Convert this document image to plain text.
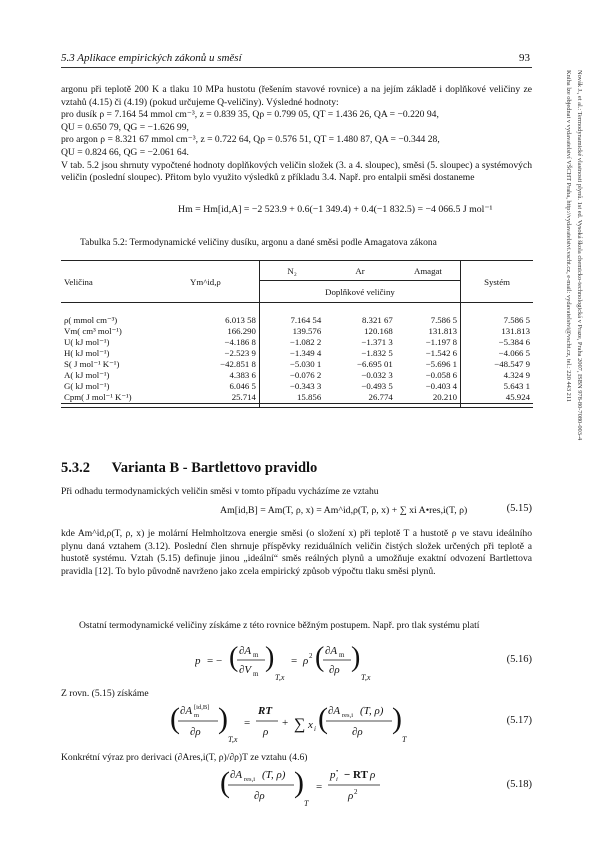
5.3 Aplikace empirických zákonů u směsí	93
Novák J., et al.: Termodynamické vlastnosti plynů. 1st ed. Vysoká škola chemicko-technologická v Praze, Praha 2007, ISBN 978-80-7080-003-4
Kniha lze objednat v vydavatelství VŠCHT Praha, http://vydavatelstvi.vscht.cz, e-mail: vydavatelstvi@vscht.cz, tel.: 220 443 211

argonu při teplotě 200 K a tlaku 10 MPa hustotu (řešením stavové rovnice) a na jejím základě i doplňkové veličiny ze vztahů (4.15) či (4.19) (pokud určujeme Q-veličiny). Výsledné hodnoty:

pro dusík ρ = 7.164 54 mmol cm⁻³, z = 0.839 35, Qρ = 0.799 05, QT = 1.436 26, QA = −0.220 94,

QU = 0.650 79, QG = −1.626 99,

pro argon ρ = 8.321 67 mmol cm⁻³, z = 0.722 64, Qρ = 0.576 51, QT = 1.480 87, QA = −0.344 28,

QU = 0.824 66, QG = −2.061 64.

V tab. 5.2 jsou shrnuty vypočtené hodnoty doplňkových veličin složek (3. a 4. sloupec), směsi (5. sloupec) a systémových veličin (poslední sloupec). Přitom bylo využito výsledků z příkladu 3.4. Např. pro entalpii směsi dostaneme

Hm = Hm[id,A] = −2 523.9 + 0.6(−1 349.4) + 0.4(−1 832.5) = −4 066.5 J mol⁻¹
Tabulka 5.2: Termodynamické veličiny dusíku, argonu a dané směsi podle Amagatova zákona
Veličina	Ym^id,ρ	N₂	Ar	Amagat	Systém
		Doplňkové veličiny			

ρ( mmol cm⁻³)	6.013 58	7.164 54	8.321 67	7.586 5	7.586 5
Vm( cm³ mol⁻¹)	166.290	139.576	120.168	131.813	131.813
U( kJ mol⁻¹)	−4.186 8	−1.082 2	−1.371 3	−1.197 8	−5.384 6
H( kJ mol⁻¹)	−2.523 9	−1.349 4	−1.832 5	−1.542 6	−4.066 5
S( J mol⁻¹ K⁻¹)	−42.851 8	−5.030 1	−6.695 01	−5.696 1	−48.547 9
A( kJ mol⁻¹)	4.383 6	−0.076 2	−0.032 3	−0.058 6	4.324 9
G( kJ mol⁻¹)	6.046 5	−0.343 3	−0.493 5	−0.403 4	5.643 1
Cpm( J mol⁻¹ K⁻¹)	25.714	15.856	26.774	20.210	45.924

5.3.2 Varianta B - Bartlettovo pravidlo
Při odhadu termodynamických veličin směsi v tomto případu vycházíme ze vztahu
Am[id,B] = Am(T, ρ, x) = Am^id,ρ(T, ρ, x) + ∑ xi A•res,i(T, ρ)	(5.15)
kde Am^id,ρ(T, ρ, x) je molární Helmholtzova energie směsi (o složení x) při teplotě T a hustotě ρ ve stavu ideálního plynu daná vztahem (3.12). Poslední člen shrnuje příspěvky reziduálních veličin čistých složek určených při teplotě a hustotě systému. Vztah (5.15) definuje jinou „ideální“ směs reálných plynů a umožňuje exaktní odvození Bartlettova pravidla [12]. To bylo původně navrženo jako zcela empirický způsob výpočtu tlaku směsi plynů.
Ostatní termodynamické veličiny získáme z této rovnice běžným postupem. Např. pro tlak systému platí
p = − ( ∂A m
∂V m
)
T,x
= ρ 2 ( ∂A m
∂ρ )
T,x
(5.16)
Z rovn. (5.15) získáme
( ∂A m
[id,B]
∂ρ )
T,x
=
RT
ρ
+ ∑ x i ( ∂A res,i (T, ρ)
∂ρ )
T
(5.17)
Konkrétní výraz pro derivaci (∂Ares,i(T, ρ)/∂ρ)T ze vztahu (4.6)
( ∂A res,i (T, ρ)
∂ρ )
T
=
p i
• − RT ρ
ρ 2
(5.18)
